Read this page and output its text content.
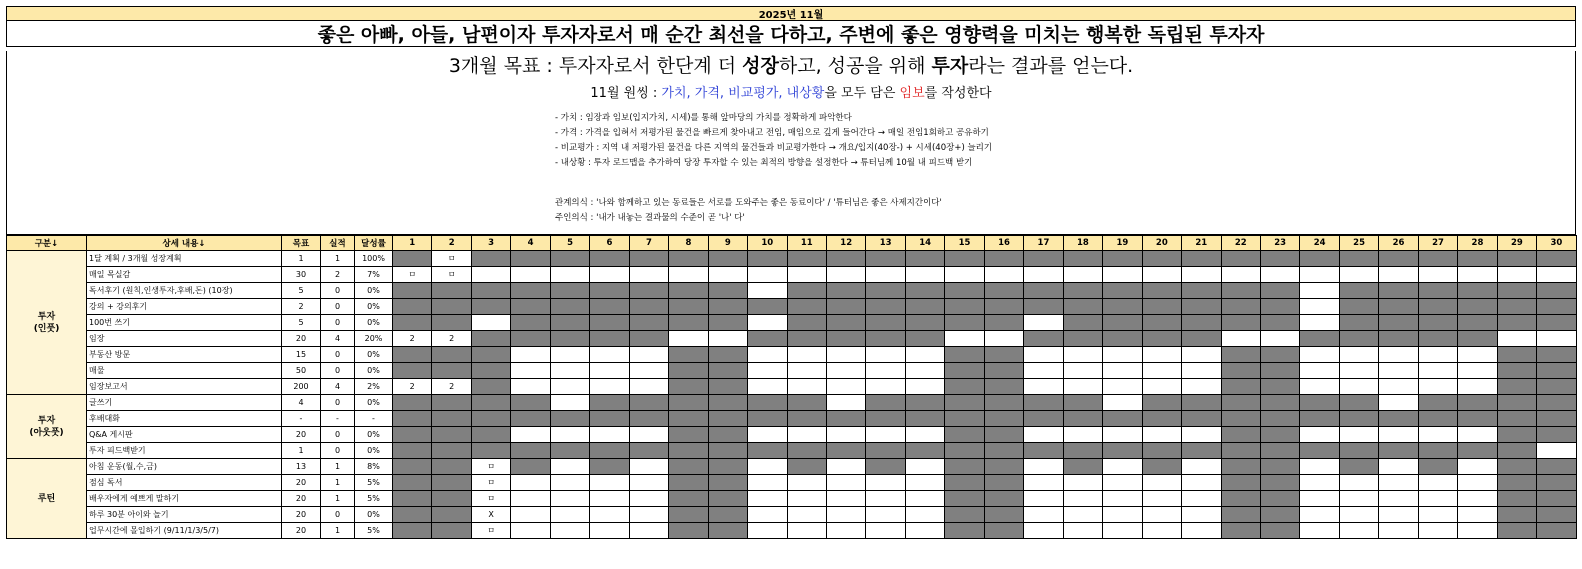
2025년 11월
좋은 아빠, 아들, 남편이자 투자자로서 매 순간 최선을 다하고, 주변에 좋은 영향력을 미치는 행복한 독립된 투자자
3개월 목표 : 투자자로서 한단계 더 성장하고, 성공을 위해 투자라는 결과를 얻는다.
11월 원씽 : 가치, 가격, 비교평가, 내상황을 모두 담은 임보를 작성한다
- 가치 : 임장과 임보(입지가치, 시세)를 통해 앞마당의 가치를 정확하게 파악한다
- 가격 : 가격을 입혀서 저평가된 물건을 빠르게 찾아내고 전임, 매임으로 깊게 들어간다 → 매일 전임1회하고 공유하기
- 비교평가 : 지역 내 저평가된 물건을 다른 지역의 물건들과 비교평가한다 → 개요/입지(40장-) + 시세(40장+) 늘리기
- 내상황 : 투자 로드맵을 추가하여 당장 투자할 수 있는 최적의 방향을 설정한다 → 튜터님께 10월 내 피드백 받기
관계의식 : '나와 함께하고 있는 동료들은 서로를 도와주는 좋은 동료이다' / '튜터님은 좋은 사제지간이다'
주인의식 : '내가 내놓는 결과물의 수준이 곧 '나' 다'
구분↓	상세 내용↓	목표	실적	달성률	1	2	3	4	5	6	7	8	9	10	11	12	13	14	15	16	17	18	19	20	21	22	23	24	25	26	27	28	29	30
투자
(인풋)	1달 계획 / 3개월 성장계획	1	1	100%		ㅁ																												
	매일 목실감	30	2	7%	ㅁ	ㅁ																												
	독서후기 (원칙,인생투자,후배,돈) (10장)	5	0	0%																														
	강의 + 강의후기	2	0	0%																														
	100번 쓰기	5	0	0%																														
	임장	20	4	20%	2	2																												
	부동산 방문	15	0	0%																														
	매물	50	0	0%																														
	임장보고서	200	4	2%	2	2																												
투자
(아웃풋)	글쓰기	4	0	0%																														
	후배대화	-	-	-																														
	Q&A 게시판	20	0	0%																														
	투자 피드백받기	1	0	0%																														
루틴	아침 운동(월,수,금)	13	1	8%			ㅁ																											
	점심 독서	20	1	5%			ㅁ																											
	배우자에게 예쁘게 말하기	20	1	5%			ㅁ																											
	하루 30분 아이와 놀기	20	0	0%			X																											
	업무시간에 몰입하기 (9/11/1/3/5/7)	20	1	5%			ㅁ																											
